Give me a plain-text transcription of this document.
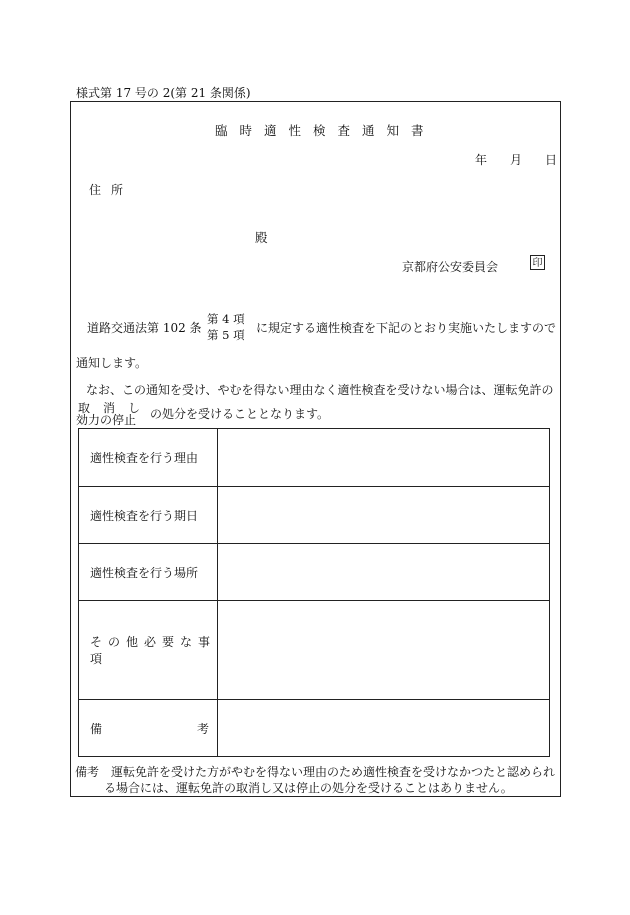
様式第 17 号の 2(第 21 条関係)
臨時適性検査通知書
年 月 日
住所
殿
京都府公安委員会	印
道路交通法第 102 条
第 4 項
第 5 項 に規定する適性検査を下記のとおり実施いたしますので
通知します。
なお、この通知を受け、やむを得ない理由なく適性検査を受けない場合は、運転免許の
取消し
効力の停止 の処分を受けることとなります。
適性検査を行う理由	
適性検査を行う期日	
適性検査を行う場所	
その他必要な事項	

備 考	

備考　運転免許を受けた方がやむを得ない理由のため適性検査を受けなかつたと認められ
る場合には、運転免許の取消し又は停止の処分を受けることはありません。
